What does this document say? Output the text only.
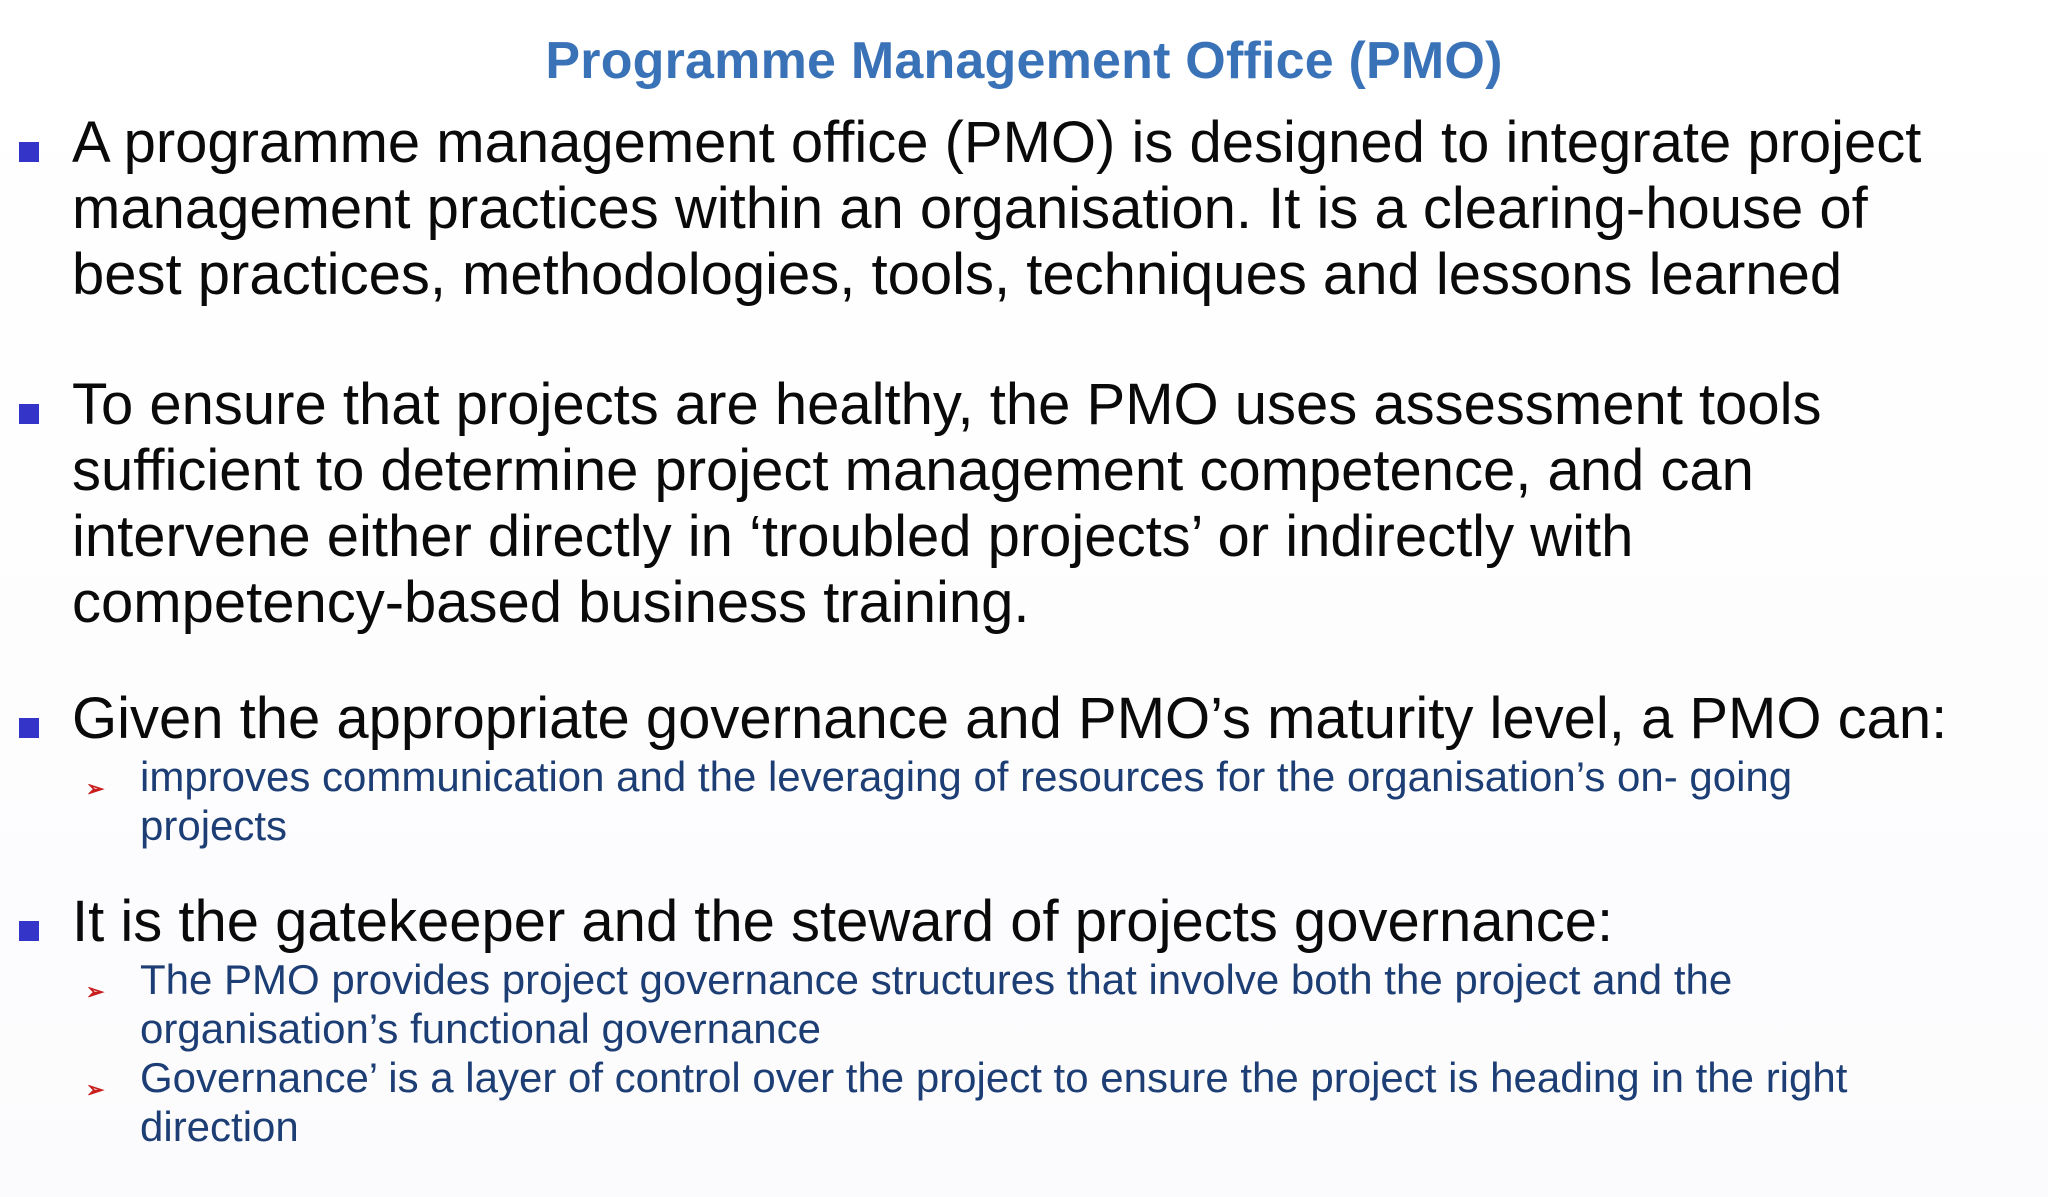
Programme Management Office (PMO)
A programme management office (PMO) is designed to integrate project
management practices within an organisation. It is a clearing-house of
best practices, methodologies, tools, techniques and lessons learned
To ensure that projects are healthy, the PMO uses assessment tools
sufficient to determine project management competence, and can
intervene either directly in ‘troubled projects’ or indirectly with
competency-based business training.
Given the appropriate governance and PMO’s maturity level, a PMO can:
➢ improves communication and the leveraging of resources for the organisation’s on- going
projects
It is the gatekeeper and the steward of projects governance:
➢ The PMO provides project governance structures that involve both the project and the
organisation’s functional governance
➢ Governance’ is a layer of control over the project to ensure the project is heading in the right
direction
